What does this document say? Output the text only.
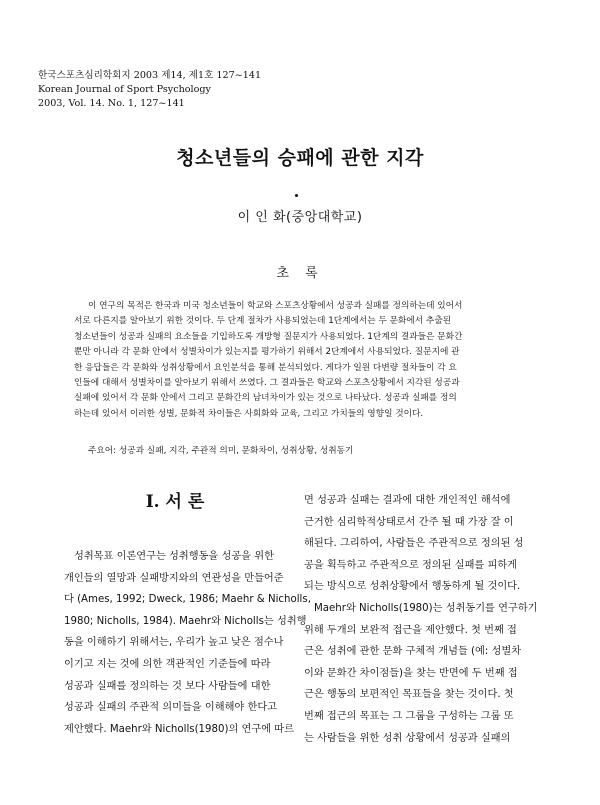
한국스포츠심리학회지 2003 제14, 제1호 127~141
Korean Journal of Sport Psychology
2003, Vol. 14. No. 1, 127~141
청소년들의 승패에 관한 지각
이 인 화(중앙대학교)
초 록
이 연구의 목적은 한국과 미국 청소년들이 학교와 스포츠상황에서 성공과 실패를 정의하는데 있어서
서로 다른지를 알아보기 위한 것이다. 두 단계 절차가 사용되었는데 1단계에서는 두 문화에서 추출된
청소년들이 성공과 실패의 요소들을 기입하도록 개방형 질문지가 사용되었다. 1단계의 결과들은 문화간
뿐만 아니라 각 문화 안에서 성별차이가 있는지를 평가하기 위해서 2단계에서 사용되었다. 질문지에 관
한 응답들은 각 문화와 성취상황에서 요인분석을 통해 분석되었다. 게다가 일원 다변량 절차들이 각 요
인들에 대해서 성별차이를 알아보기 위해서 쓰였다. 그 결과들은 학교와 스포츠상황에서 지각된 성공과
실패에 있어서 각 문화 안에서 그리고 문화간의 남녀차이가 있는 것으로 나타났다. 성공과 실패를 정의
하는데 있어서 이러한 성별, 문화적 차이들은 사회화와 교육, 그리고 가치들의 영향일 것이다.
주요어: 성공과 실패, 지각, 주관적 의미, 문화차이, 성취상황, 성취동기
I. 서 론
성취목표 이론연구는 성취행동을 성공을 위한
개인들의 열망과 실패방지와의 연관성을 만들어준
다 (Ames, 1992; Dweck, 1986; Maehr & Nicholls,
1980; Nicholls, 1984). Maehr와 Nicholls는 성취행
동을 이해하기 위해서는, 우리가 높고 낮은 점수나
이기고 지는 것에 의한 객관적인 기준들에 따라
성공과 실패를 정의하는 것 보다 사람들에 대한
성공과 실패의 주관적 의미들을 이해해야 한다고
제안했다. Maehr와 Nicholls(1980)의 연구에 따르
면 성공과 실패는 결과에 대한 개인적인 해석에
근거한 심리학적상태로서 간주 될 때 가장 잘 이
해된다. 그리하여, 사람들은 주관적으로 정의된 성
공을 획득하고 주관적으로 정의된 실패를 피하게
되는 방식으로 성취상황에서 행동하게 될 것이다.
Maehr와 Nicholls(1980)는 성취동기를 연구하기
위해 두개의 보완적 접근을 제안했다. 첫 번째 접
근은 성취에 관한 문화 구체적 개념들 (예: 성별차
이와 문화간 차이점들)을 찾는 반면에 두 번째 접
근은 행동의 보편적인 목표들을 찾는 것이다. 첫
번째 접근의 목표는 그 그룹을 구성하는 그룹 또
는 사람들을 위한 성취 상황에서 성공과 실패의
